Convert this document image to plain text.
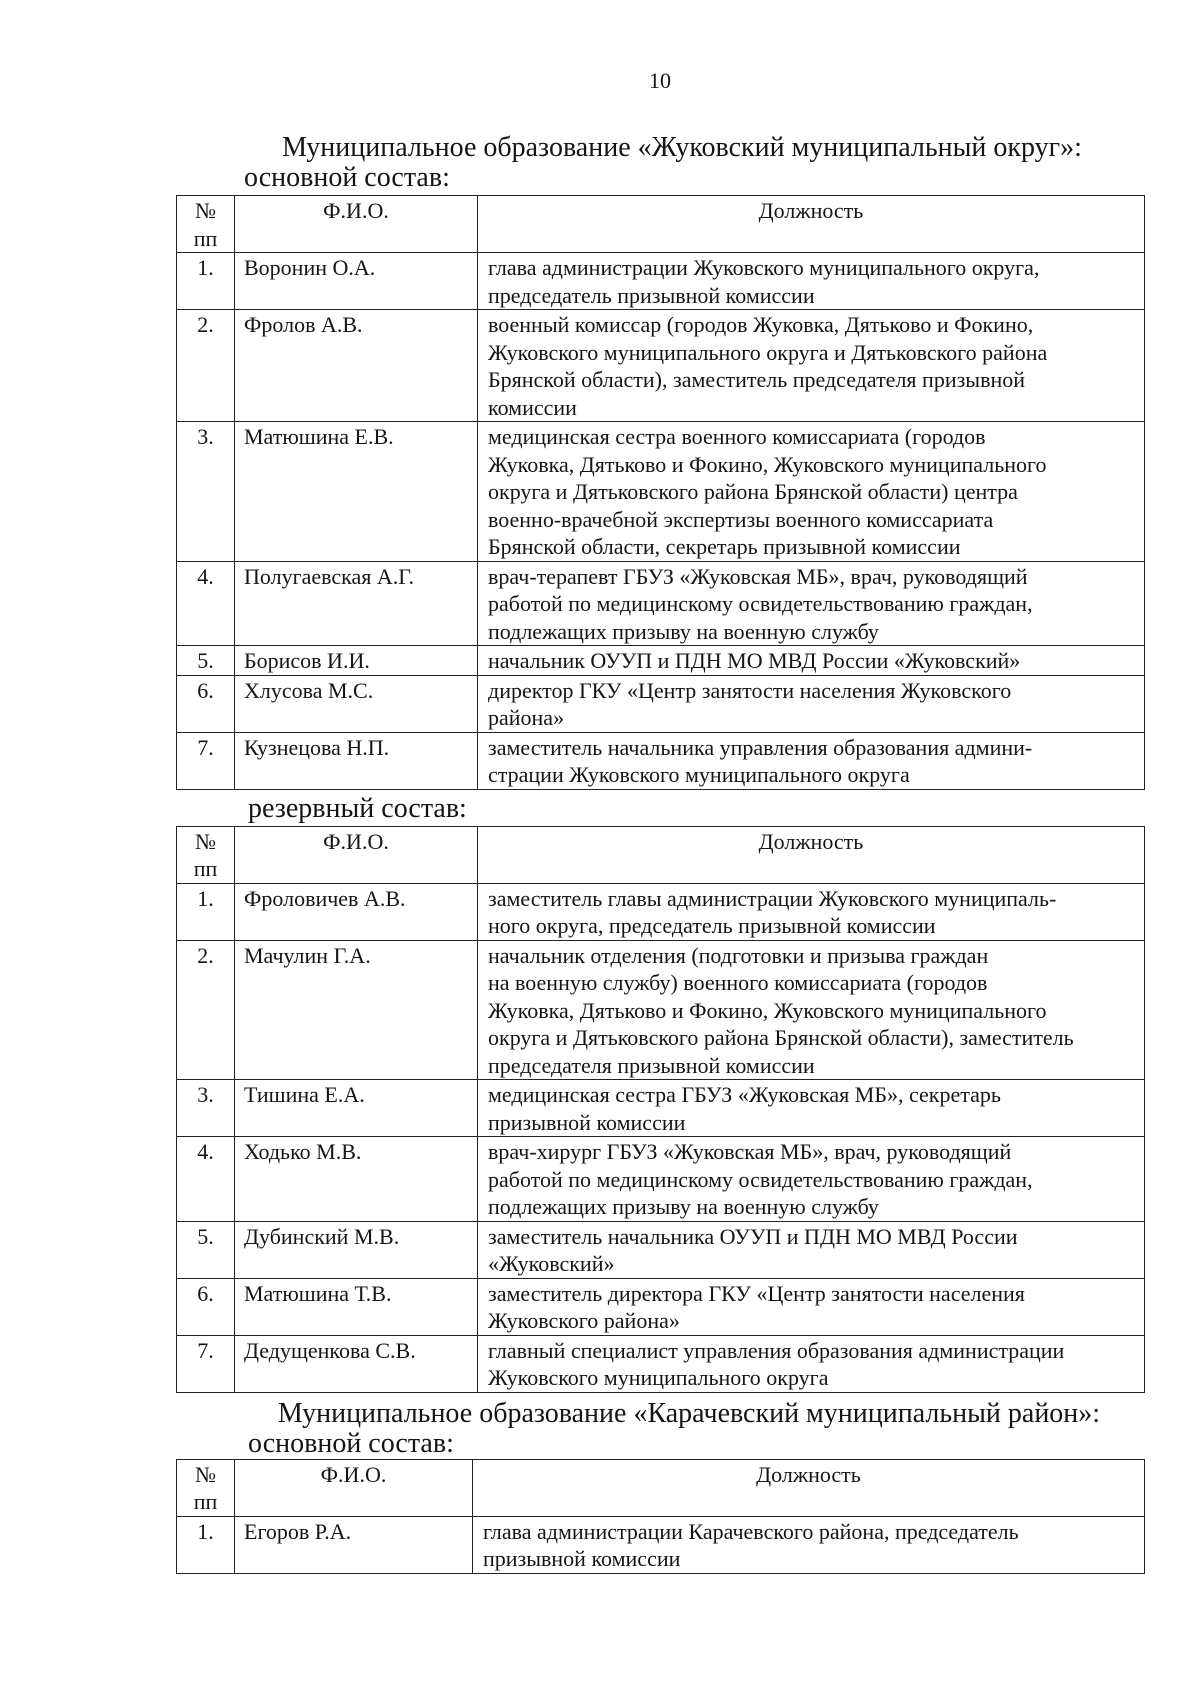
10
Муниципальное образование «Жуковский муниципальный округ»:
основной состав:
№
пп	Ф.И.О.	Должность
1.	Воронин О.А.	глава администрации Жуковского муниципального округа,
председатель призывной комиссии
2.	Фролов А.В.	военный комиссар (городов Жуковка, Дятьково и Фокино,
Жуковского муниципального округа и Дятьковского района
Брянской области), заместитель председателя призывной
комиссии
3.	Матюшина Е.В.	медицинская сестра военного комиссариата (городов
Жуковка, Дятьково и Фокино, Жуковского муниципального
округа и Дятьковского района Брянской области) центра
военно-врачебной экспертизы военного комиссариата
Брянской области, секретарь призывной комиссии
4.	Полугаевская А.Г.	врач-терапевт ГБУЗ «Жуковская МБ», врач, руководящий
работой по медицинскому освидетельствованию граждан,
подлежащих призыву на военную службу
5.	Борисов И.И.	начальник ОУУП и ПДН МО МВД России «Жуковский»
6.	Хлусова М.С.	директор ГКУ «Центр занятости населения Жуковского
района»
7.	Кузнецова Н.П.	заместитель начальника управления образования админи-
страции Жуковского муниципального округа
резервный состав:
№
пп	Ф.И.О.	Должность
1.	Фроловичев А.В.	заместитель главы администрации Жуковского муниципаль-
ного округа, председатель призывной комиссии
2.	Мачулин Г.А.	начальник отделения (подготовки и призыва граждан
на военную службу) военного комиссариата (городов
Жуковка, Дятьково и Фокино, Жуковского муниципального
округа и Дятьковского района Брянской области), заместитель
председателя призывной комиссии
3.	Тишина Е.А.	медицинская сестра ГБУЗ «Жуковская МБ», секретарь
призывной комиссии
4.	Ходько М.В.	врач-хирург ГБУЗ «Жуковская МБ», врач, руководящий
работой по медицинскому освидетельствованию граждан,
подлежащих призыву на военную службу
5.	Дубинский М.В.	заместитель начальника ОУУП и ПДН МО МВД России
«Жуковский»
6.	Матюшина Т.В.	заместитель директора ГКУ «Центр занятости населения
Жуковского района»
7.	Дедущенкова С.В.	главный специалист управления образования администрации
Жуковского муниципального округа
Муниципальное образование «Карачевский муниципальный район»:
основной состав:
№
пп	Ф.И.О.	Должность
1.	Егоров Р.А.	глава администрации Карачевского района, председатель
призывной комиссии
